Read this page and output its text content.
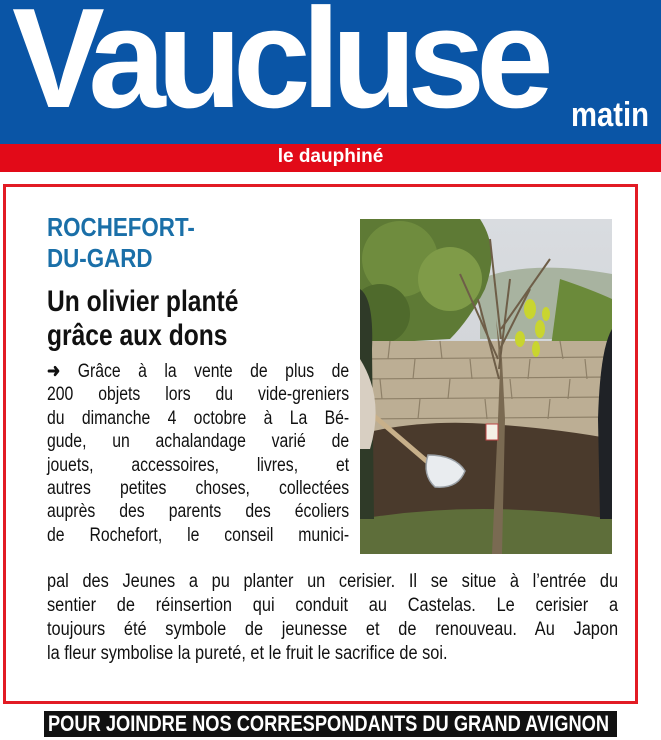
Vaucluse matin
le dauphiné
ROCHEFORT-
DU-GARD
Un olivier planté
grâce aux dons
➜ Grâce à la vente de plus de
200 objets lors du vide-greniers
du dimanche 4 octobre à La Bé-
gude, un achalandage varié de
jouets, accessoires, livres, et
autres petites choses, collectées
auprès des parents des écoliers
de Rochefort, le conseil munici-
pal des Jeunes a pu planter un cerisier. Il se situe à l’entrée du
sentier de réinsertion qui conduit au Castelas. Le cerisier a
toujours été symbole de jeunesse et de renouveau. Au Japon
la fleur symbolise la pureté, et le fruit le sacrifice de soi.
POUR JOINDRE NOS CORRESPONDANTS DU GRAND AVIGNON
